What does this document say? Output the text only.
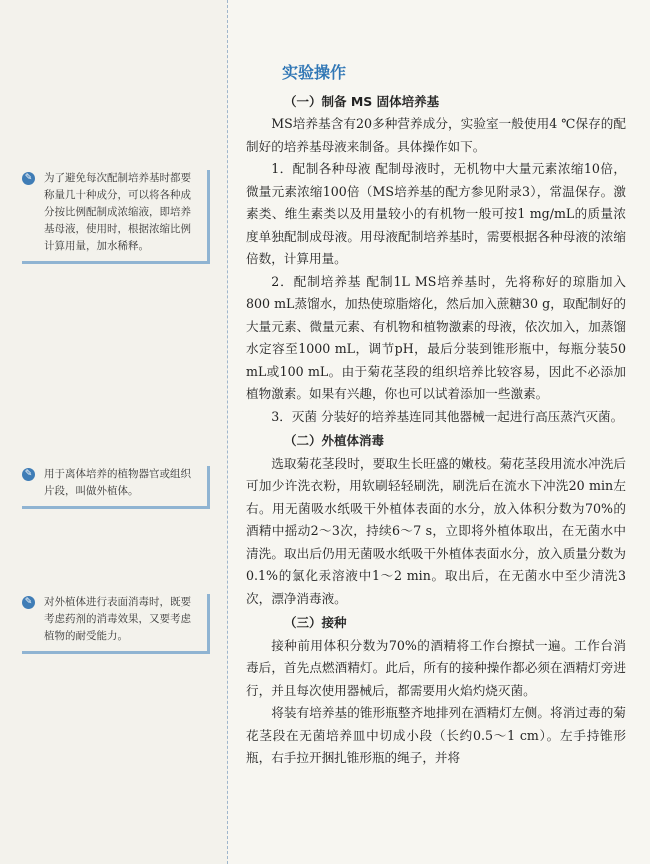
✎ 为了避免每次配制培养基时都要称量几十种成分，可以将各种成分按比例配制成浓缩液，即培养基母液，使用时，根据浓缩比例计算用量，加水稀释。
✎ 用于离体培养的植物器官或组织片段，叫做外植体。
✎ 对外植体进行表面消毒时，既要考虑药剂的消毒效果，又要考虑植物的耐受能力。
实验操作
（一）制备 MS 固体培养基

MS培养基含有20多种营养成分，实验室一般使用4 ℃保存的配制好的培养基母液来制备。具体操作如下。

1．配制各种母液 配制母液时，无机物中大量元素浓缩10倍，微量元素浓缩100倍（MS培养基的配方参见附录3），常温保存。激素类、维生素类以及用量较小的有机物一般可按1 mg/mL的质量浓度单独配制成母液。用母液配制培养基时，需要根据各种母液的浓缩倍数，计算用量。

2．配制培养基 配制1L MS培养基时，先将称好的琼脂加入800 mL蒸馏水，加热使琼脂熔化，然后加入蔗糖30 g，取配制好的大量元素、微量元素、有机物和植物激素的母液，依次加入，加蒸馏水定容至1000 mL，调节pH，最后分装到锥形瓶中，每瓶分装50 mL或100 mL。由于菊花茎段的组织培养比较容易，因此不必添加植物激素。如果有兴趣，你也可以试着添加一些激素。

3．灭菌 分装好的培养基连同其他器械一起进行高压蒸汽灭菌。

（二）外植体消毒

选取菊花茎段时，要取生长旺盛的嫩枝。菊花茎段用流水冲洗后可加少许洗衣粉，用软刷轻轻刷洗，刷洗后在流水下冲洗20 min左右。用无菌吸水纸吸干外植体表面的水分，放入体积分数为70%的酒精中摇动2～3次，持续6～7 s，立即将外植体取出，在无菌水中清洗。取出后仍用无菌吸水纸吸干外植体表面水分，放入质量分数为0.1%的氯化汞溶液中1～2 min。取出后，在无菌水中至少清洗3次，漂净消毒液。

（三）接种

接种前用体积分数为70%的酒精将工作台擦拭一遍。工作台消毒后，首先点燃酒精灯。此后，所有的接种操作都必须在酒精灯旁进行，并且每次使用器械后，都需要用火焰灼烧灭菌。

将装有培养基的锥形瓶整齐地排列在酒精灯左侧。将消过毒的菊花茎段在无菌培养皿中切成小段（长约0.5～1 cm）。左手持锥形瓶，右手拉开捆扎锥形瓶的绳子，并将
